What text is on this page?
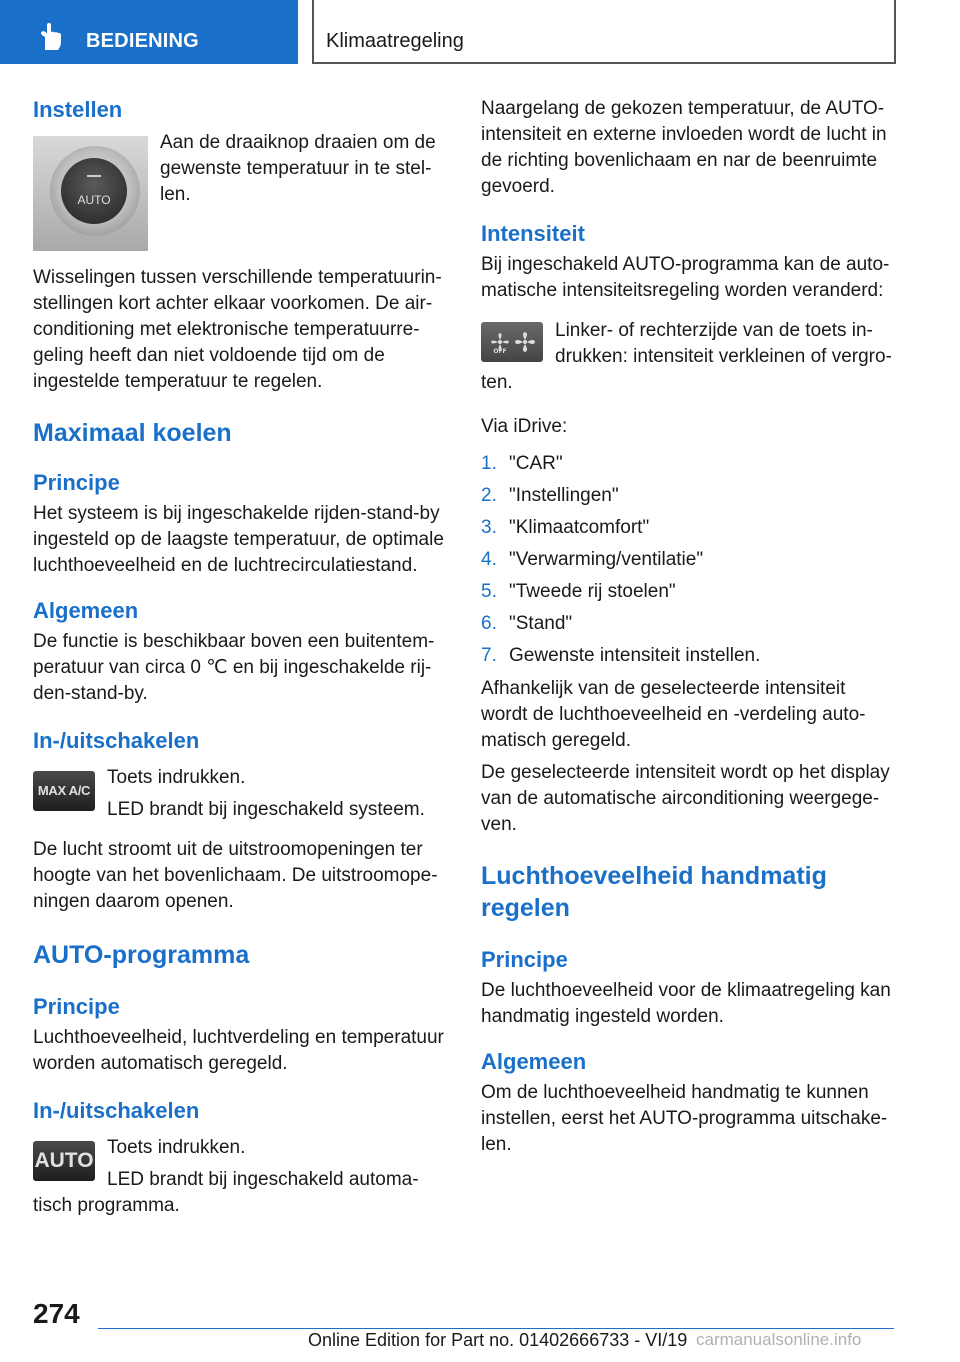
BEDIENING	Klimaatregeling
Instellen
AUTO

Aan de draaiknop draaien om de gewenste temperatuur in te stel-len.

Wisselingen tussen verschillende temperatuurin-stellingen kort achter elkaar voorkomen. De air-conditioning met elektronische temperatuurre-geling heeft dan niet voldoende tijd om de ingestelde temperatuur te regelen.

Maximaal koelen
Principe

Het systeem is bij ingeschakelde rijden-stand-by ingesteld op de laagste temperatuur, de optimale luchthoeveelheid en de luchtrecirculatiestand.

Algemeen

De functie is beschikbaar boven een buitentem-peratuur van circa 0 ℃ en bij ingeschakelde rij-den-stand-by.

In-/uitschakelen
MAX A/C

Toets indrukken.

LED brandt bij ingeschakeld systeem.

De lucht stroomt uit de uitstroomopeningen ter hoogte van het bovenlichaam. De uitstroomope-ningen daarom openen.

AUTO-programma
Principe

Luchthoeveelheid, luchtverdeling en temperatuur worden automatisch geregeld.

In-/uitschakelen
AUTO

Toets indrukken.

LED brandt bij ingeschakeld automa-tisch programma.

Naargelang de gekozen temperatuur, de AUTO-intensiteit en externe invloeden wordt de lucht in de richting bovenlichaam en nar de beenruimte gevoerd.

Intensiteit

Bij ingeschakeld AUTO-programma kan de auto-matische intensiteitsregeling worden veranderd:

OFF

Linker- of rechterzijde van de toets in-drukken: intensiteit verkleinen of vergro-ten.

Via iDrive:

1. "CAR"
2. "Instellingen"
3. "Klimaatcomfort"
4. "Verwarming/ventilatie"
5. "Tweede rij stoelen"
6. "Stand"
7. Gewenste intensiteit instellen.

Afhankelijk van de geselecteerde intensiteit wordt de luchthoeveelheid en -verdeling auto-matisch geregeld.

De geselecteerde intensiteit wordt op het display van de automatische airconditioning weergege-ven.

Luchthoeveelheid handmatig regelen
Principe

De luchthoeveelheid voor de klimaatregeling kan handmatig ingesteld worden.

Algemeen

Om de luchthoeveelheid handmatig te kunnen instellen, eerst het AUTO-programma uitschake-len.

274
Online Edition for Part no. 01402666733 - VI/19 carmanualsonline.info
